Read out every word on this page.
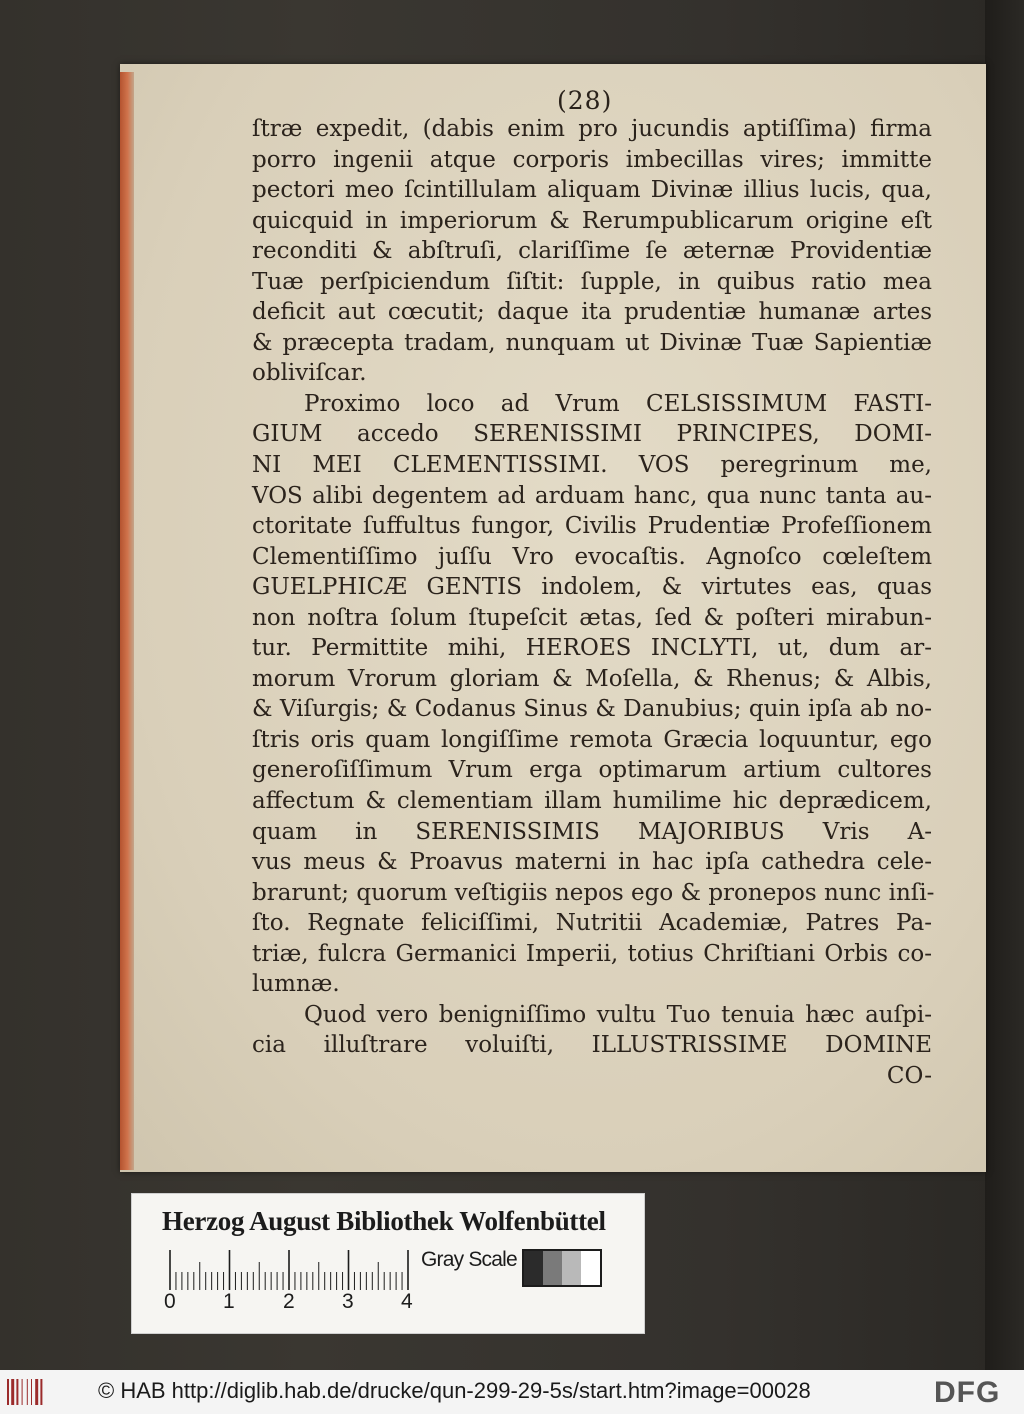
(28)
ſtræ expedit, (dabis enim pro jucundis aptiſſima) firma
porro ingenii atque corporis imbecillas vires; immitte
pectori meo ſcintillulam aliquam Divinæ illius lucis, qua,
quicquid in imperiorum & Rerumpublicarum origine eſt
reconditi & abſtruſi, clariſſime ſe æternæ Providentiæ
Tuæ perſpiciendum ſiſtit: ſupple, in quibus ratio mea
deficit aut cœcutit; daque ita prudentiæ humanæ artes
& præcepta tradam, nunquam ut Divinæ Tuæ Sapientiæ
obliviſcar.
Proximo loco ad Vrum CELSISSIMUM FASTI-
GIUM accedo SERENISSIMI PRINCIPES, DOMI-
NI MEI CLEMENTISSIMI. VOS peregrinum me,
VOS alibi degentem ad arduam hanc, qua nunc tanta au-
ctoritate ſuffultus fungor, Civilis Prudentiæ Profeſſionem
Clementiſſimo juſſu Vro evocaſtis. Agnoſco cœleſtem
GUELPHICÆ GENTIS indolem, & virtutes eas, quas
non noſtra ſolum ſtupeſcit ætas, ſed & poſteri mirabun-
tur. Permittite mihi, HEROES INCLYTI, ut, dum ar-
morum Vrorum gloriam & Moſella, & Rhenus; & Albis,
& Viſurgis; & Codanus Sinus & Danubius; quin ipſa ab no-
ſtris oris quam longiſſime remota Græcia loquuntur, ego
generoſiſſimum Vrum erga optimarum artium cultores
affectum & clementiam illam humilime hic deprædicem,
quam in SERENISSIMIS MAJORIBUS Vris A-
vus meus & Proavus materni in hac ipſa cathedra cele-
brarunt; quorum veſtigiis nepos ego & pronepos nunc inſi-
ſto. Regnate feliciſſimi, Nutritii Academiæ, Patres Pa-
triæ, fulcra Germanici Imperii, totius Chriſtiani Orbis co-
lumnæ.
Quod vero benigniſſimo vultu Tuo tenuia hæc auſpi-
cia illuſtrare voluiſti, ILLUSTRISSIME DOMINE
CO-
Herzog August Bibliothek Wolfenbüttel
0 1 2 3 4
Gray Scale
© HAB http://diglib.hab.de/drucke/qun-299-29-5s/start.htm?image=00028	DFG
